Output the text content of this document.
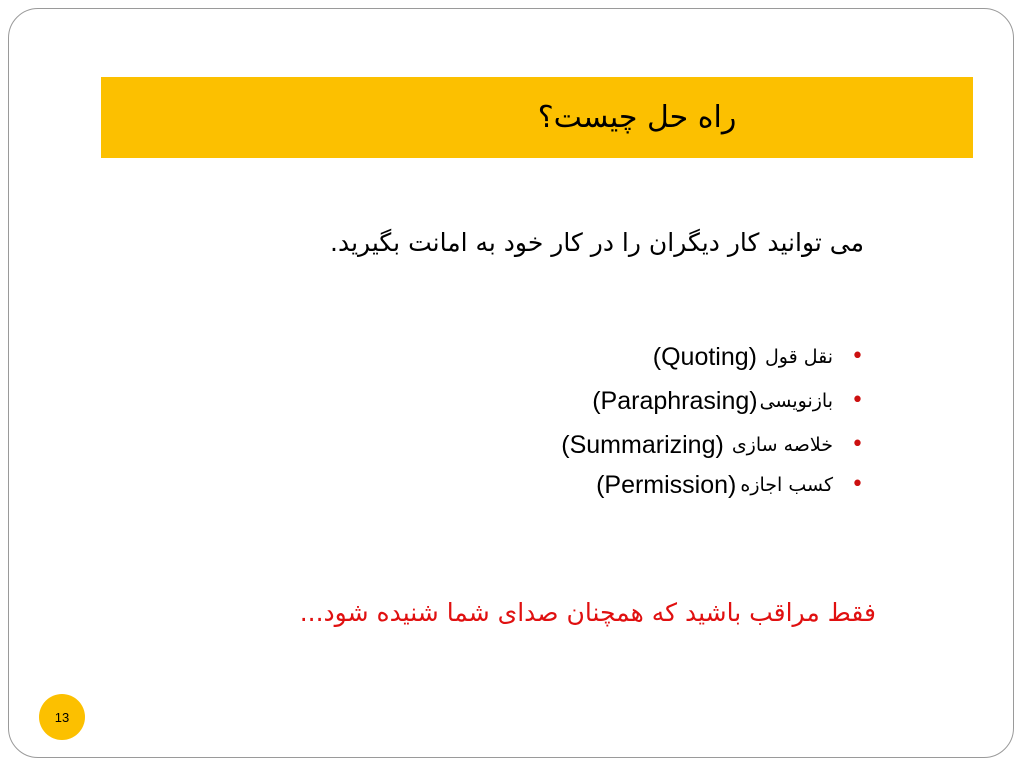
راه حل چیست؟
می توانید کار دیگران را در کار خود به امانت بگیرید.
•
نقل قول
(Quoting)
•
بازنویسی
(Paraphrasing)
•
خلاصه سازی
(Summarizing)
•
کسب اجازه
(Permission)
فقط مراقب باشید که همچنان صدای شما شنیده شود...
13
